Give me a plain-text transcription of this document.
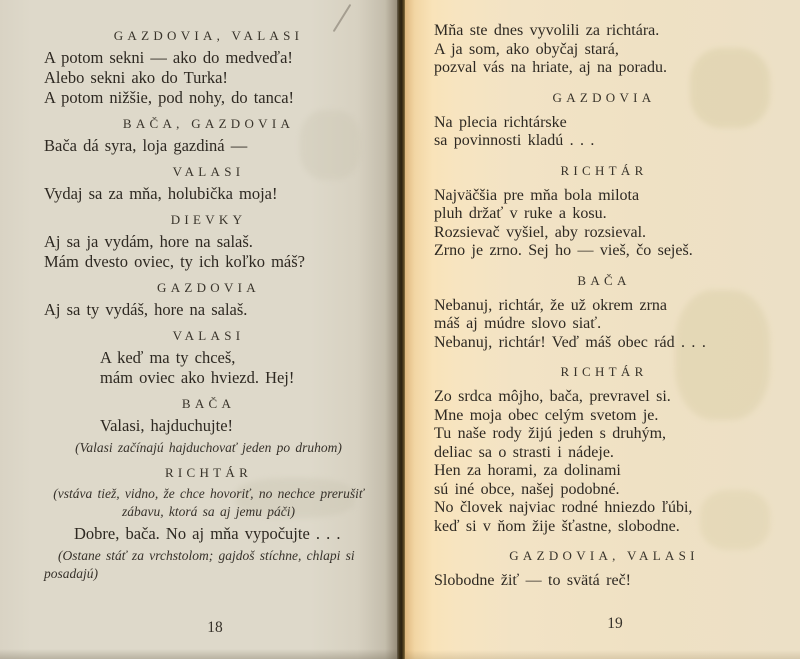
GAZDOVIA, VALASI
A potom sekni — ako do medveďa!
Alebo sekni ako do Turka!
A potom nižšie, pod nohy, do tanca!
BAČA, GAZDOVIA
Bača dá syra, loja gazdiná —
VALASI
Vydaj sa za mňa, holubička moja!
DIEVKY
Aj sa ja vydám, hore na salaš.
Mám dvesto oviec, ty ich koľko máš?
GAZDOVIA
Aj sa ty vydáš, hore na salaš.
VALASI
A keď ma ty chceš,
mám oviec ako hviezd. Hej!
BAČA
Valasi, hajduchujte!
(Valasi začínajú hajduchovať jeden po druhom)
RICHTÁR
(vstáva tiež, vidno, že chce hovoriť, no nechce prerušiť
zábavu, ktorá sa aj jemu páči)
Dobre, bača. No aj mňa vypočujte . . .
(Ostane stáť za vrchstolom; gajdoš stíchne, chlapi si
posadajú)
18
Mňa ste dnes vyvolili za richtára.
A ja som, ako obyčaj stará,
pozval vás na hriate, aj na poradu.
GAZDOVIA
Na plecia richtárske
sa povinnosti kladú . . .
RICHTÁR
Najväčšia pre mňa bola milota
pluh držať v ruke a kosu.
Rozsievač vyšiel, aby rozsieval.
Zrno je zrno. Sej ho — vieš, čo seješ.
BAČA
Nebanuj, richtár, že už okrem zrna
máš aj múdre slovo siať.
Nebanuj, richtár! Veď máš obec rád . . .
RICHTÁR
Zo srdca môjho, bača, prevravel si.
Mne moja obec celým svetom je.
Tu naše rody žijú jeden s druhým,
deliac sa o strasti i nádeje.
Hen za horami, za dolinami
sú iné obce, našej podobné.
No človek najviac rodné hniezdo ľúbi,
keď si v ňom žije šťastne, slobodne.
GAZDOVIA, VALASI
Slobodne žiť — to svätá reč!
19
